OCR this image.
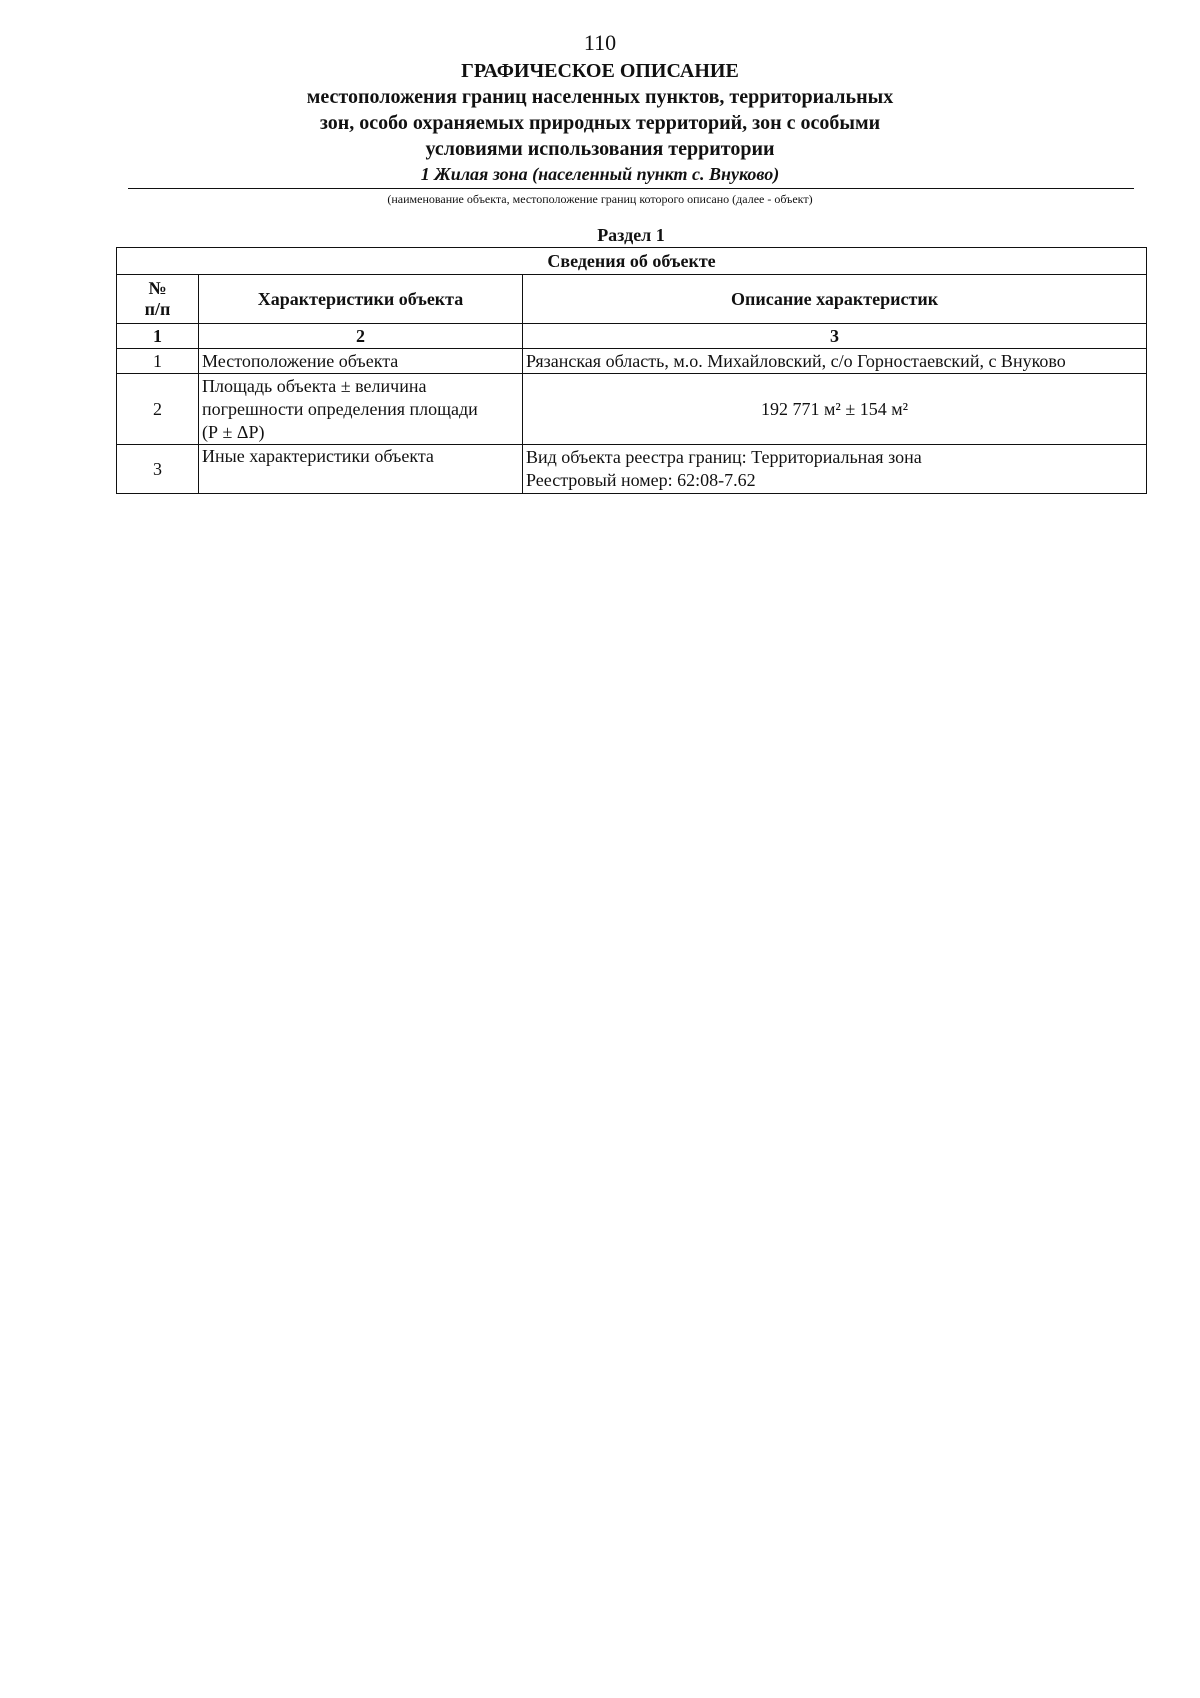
110
ГРАФИЧЕСКОЕ ОПИСАНИЕ
местоположения границ населенных пунктов, территориальных
зон, особо охраняемых природных территорий, зон с особыми
условиями использования территории
1 Жилая зона (населенный пункт с. Внуково)
(наименование объекта, местоположение границ которого описано (далее - объект)
Раздел 1
Сведения об объекте		

№
п/п	Характеристики объекта	Описание характеристик
1	2	3
1	Местоположение объекта	Рязанская область, м.о. Михайловский, с/о Горностаевский, с Внуково
2	Площадь объекта ± величина
погрешности определения площади
(Р ± ΔР)	192 771 м² ± 154 м²
3	Иные характеристики объекта	Вид объекта реестра границ: Территориальная зона
Реестровый номер: 62:08-7.62
